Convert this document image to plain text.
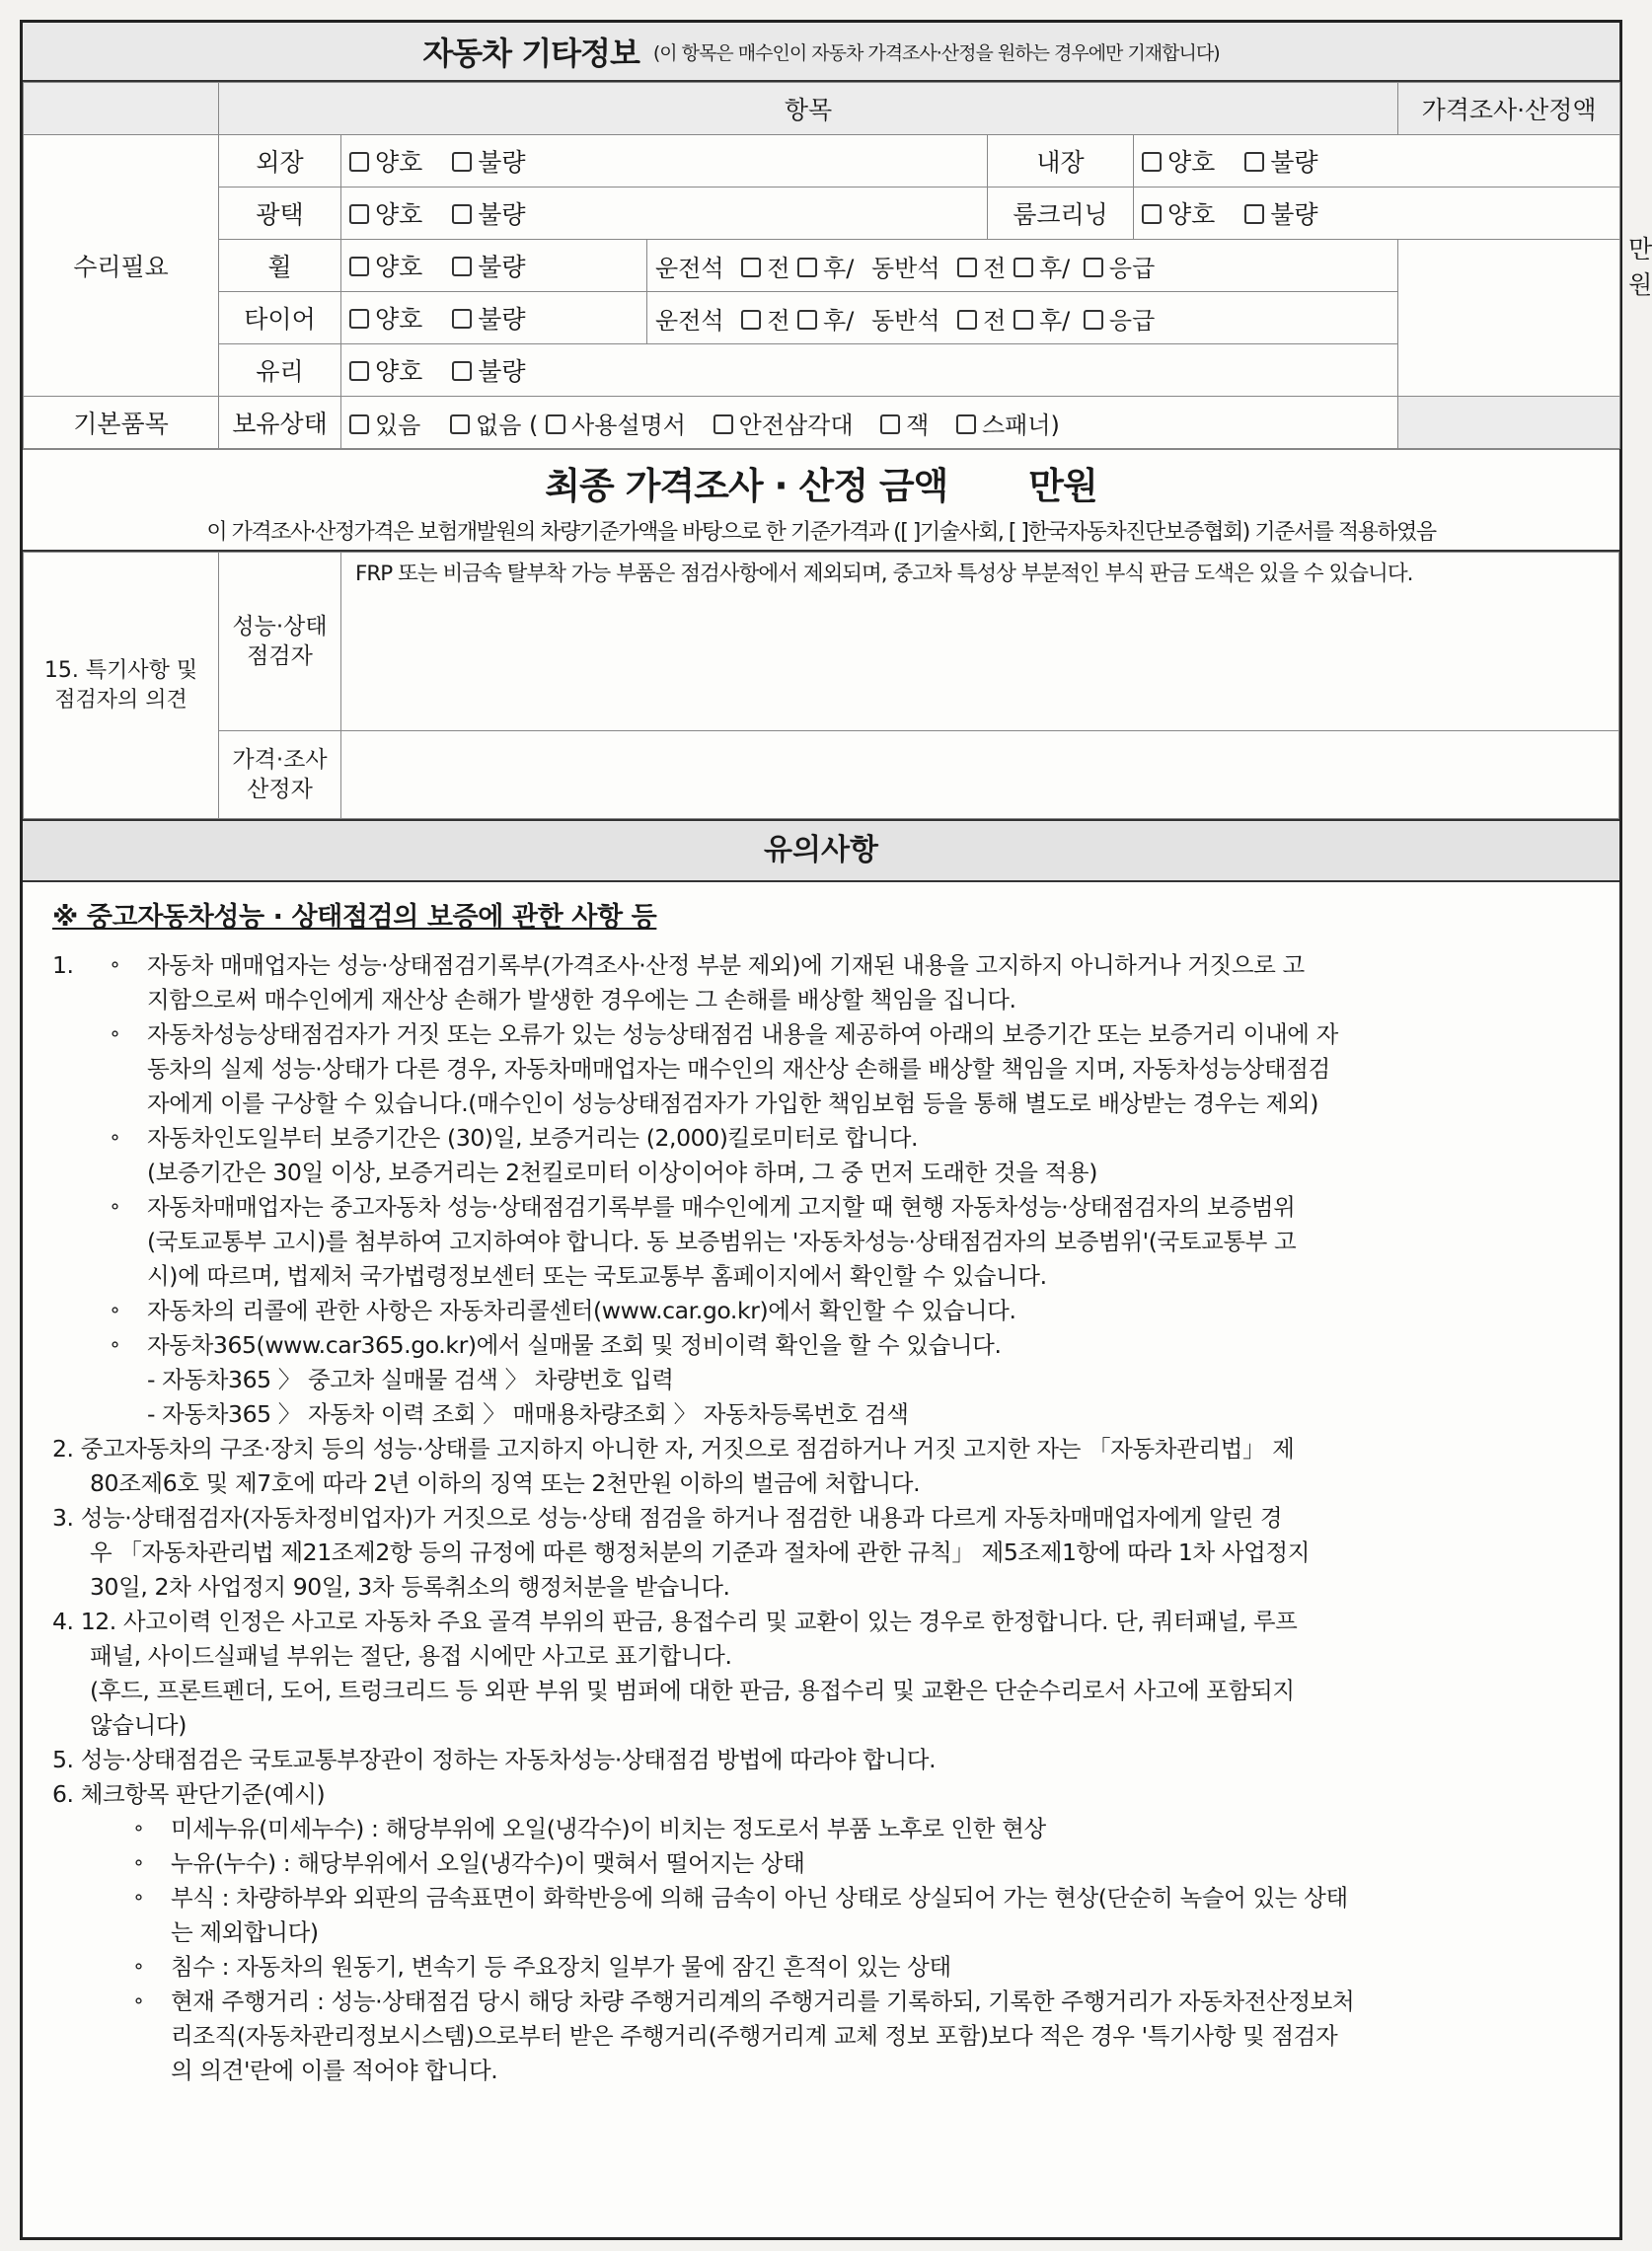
자동차 기타정보 (이 항목은 매수인이 자동차 가격조사·산정을 원하는 경우에만 기재합니다)
	항목					가격조사·산정액	
수리필요	외장	양호 불량		내장	양호 불량		만원
	광택	양호 불량		룸크리닝	양호 불량		
	휠	양호 불량	운전석 전 후/ 동반석 전 후/ 응급				
	타이어	양호 불량	운전석 전 후/ 동반석 전 후/ 응급				
	유리	양호 불량					
기본품목	보유상태	있음 없음 ( 사용설명서 안전삼각대 잭 스패너)					
최종 가격조사 · 산정 금액 만원
이 가격조사·산정가격은 보험개발원의 차량기준가액을 바탕으로 한 기준가격과 ([ ]기술사회, [ ]한국자동차진단보증협회) 기준서를 적용하였음
15. 특기사항 및 점검자의 의견	성능·상태 점검자	FRP 또는 비금속 탈부착 가능 부품은 점검사항에서 제외되며, 중고차 특성상 부분적인 부식 판금 도색은 있을 수 있습니다.
	가격·조사 산정자	
유의사항
※ 중고자동차성능 · 상태점검의 보증에 관한 사항 등
1.	⚬	자동차 매매업자는 성능·상태점검기록부(가격조사·산정 부분 제외)에 기재된 내용을 고지하지 아니하거나 거짓으로 고
지함으로써 매수인에게 재산상 손해가 발생한 경우에는 그 손해를 배상할 책임을 집니다.
⚬	자동차성능상태점검자가 거짓 또는 오류가 있는 성능상태점검 내용을 제공하여 아래의 보증기간 또는 보증거리 이내에 자
동차의 실제 성능·상태가 다른 경우, 자동차매매업자는 매수인의 재산상 손해를 배상할 책임을 지며, 자동차성능상태점검
자에게 이를 구상할 수 있습니다.(매수인이 성능상태점검자가 가입한 책임보험 등을 통해 별도로 배상받는 경우는 제외)
⚬	자동차인도일부터 보증기간은 (30)일, 보증거리는 (2,000)킬로미터로 합니다.
(보증기간은 30일 이상, 보증거리는 2천킬로미터 이상이어야 하며, 그 중 먼저 도래한 것을 적용)
⚬	자동차매매업자는 중고자동차 성능·상태점검기록부를 매수인에게 고지할 때 현행 자동차성능·상태점검자의 보증범위
(국토교통부 고시)를 첨부하여 고지하여야 합니다. 동 보증범위는 '자동차성능·상태점검자의 보증범위'(국토교통부 고
시)에 따르며, 법제처 국가법령정보센터 또는 국토교통부 홈페이지에서 확인할 수 있습니다.
⚬	자동차의 리콜에 관한 사항은 자동차리콜센터(www.car.go.kr)에서 확인할 수 있습니다.
⚬	자동차365(www.car365.go.kr)에서 실매물 조회 및 정비이력 확인을 할 수 있습니다.
- 자동차365 〉 중고차 실매물 검색 〉 차량번호 입력
- 자동차365 〉 자동차 이력 조회 〉 매매용차량조회 〉 자동차등록번호 검색
2. 중고자동차의 구조·장치 등의 성능·상태를 고지하지 아니한 자, 거짓으로 점검하거나 거짓 고지한 자는 「자동차관리법」 제
80조제6호 및 제7호에 따라 2년 이하의 징역 또는 2천만원 이하의 벌금에 처합니다.
3. 성능·상태점검자(자동차정비업자)가 거짓으로 성능·상태 점검을 하거나 점검한 내용과 다르게 자동차매매업자에게 알린 경
우 「자동차관리법 제21조제2항 등의 규정에 따른 행정처분의 기준과 절차에 관한 규칙」 제5조제1항에 따라 1차 사업정지
30일, 2차 사업정지 90일, 3차 등록취소의 행정처분을 받습니다.
4. 12. 사고이력 인정은 사고로 자동차 주요 골격 부위의 판금, 용접수리 및 교환이 있는 경우로 한정합니다. 단, 쿼터패널, 루프
패널, 사이드실패널 부위는 절단, 용접 시에만 사고로 표기합니다.
(후드, 프론트펜더, 도어, 트렁크리드 등 외판 부위 및 범퍼에 대한 판금, 용접수리 및 교환은 단순수리로서 사고에 포함되지
않습니다)
5. 성능·상태점검은 국토교통부장관이 정하는 자동차성능·상태점검 방법에 따라야 합니다.
6. 체크항목 판단기준(예시)
⚬	미세누유(미세누수) : 해당부위에 오일(냉각수)이 비치는 정도로서 부품 노후로 인한 현상
⚬	누유(누수) : 해당부위에서 오일(냉각수)이 맺혀서 떨어지는 상태
⚬	부식 : 차량하부와 외판의 금속표면이 화학반응에 의해 금속이 아닌 상태로 상실되어 가는 현상(단순히 녹슬어 있는 상태
는 제외합니다)
⚬	침수 : 자동차의 원동기, 변속기 등 주요장치 일부가 물에 잠긴 흔적이 있는 상태
⚬	현재 주행거리 : 성능·상태점검 당시 해당 차량 주행거리계의 주행거리를 기록하되, 기록한 주행거리가 자동차전산정보처
리조직(자동차관리정보시스템)으로부터 받은 주행거리(주행거리계 교체 정보 포함)보다 적은 경우 '특기사항 및 점검자
의 의견'란에 이를 적어야 합니다.
